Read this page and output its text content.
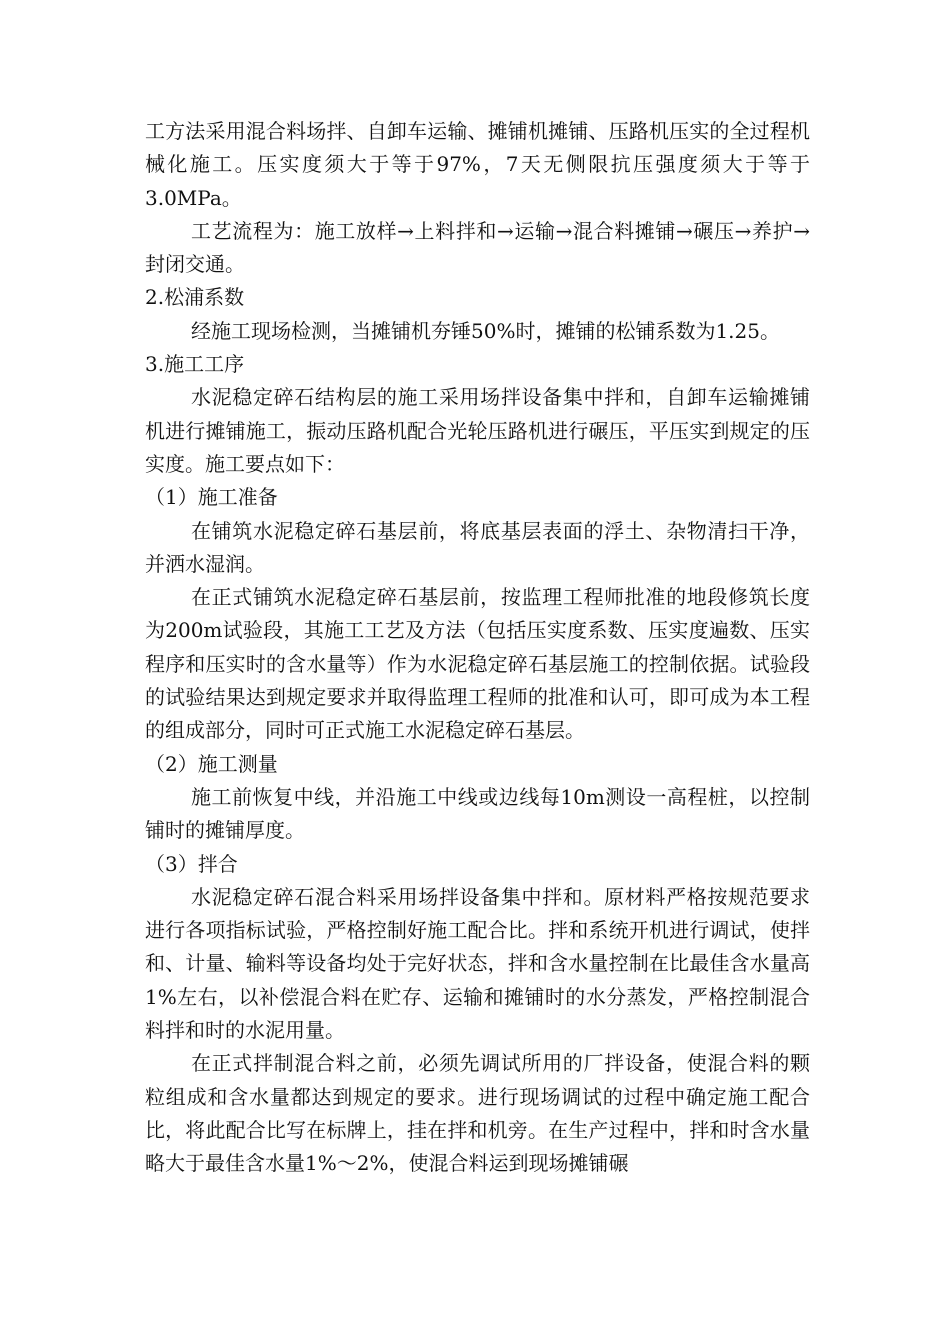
工方法采用混合料场拌、自卸车运输、摊铺机摊铺、压路机压实的全过程机械化施工。压实度须大于等于97%，7天无侧限抗压强度须大于等于3.0MPa。

工艺流程为：施工放样→上料拌和→运输→混合料摊铺→碾压→养护→封闭交通。

2.松浦系数

经施工现场检测，当摊铺机夯锤50%时，摊铺的松铺系数为1.25。

3.施工工序

水泥稳定碎石结构层的施工采用场拌设备集中拌和，自卸车运输摊铺机进行摊铺施工，振动压路机配合光轮压路机进行碾压，平压实到规定的压实度。施工要点如下：

（1）施工准备

在铺筑水泥稳定碎石基层前，将底基层表面的浮土、杂物清扫干净，并洒水湿润。

在正式铺筑水泥稳定碎石基层前，按监理工程师批准的地段修筑长度为200m试验段，其施工工艺及方法（包括压实度系数、压实度遍数、压实程序和压实时的含水量等）作为水泥稳定碎石基层施工的控制依据。试验段的试验结果达到规定要求并取得监理工程师的批准和认可，即可成为本工程的组成部分，同时可正式施工水泥稳定碎石基层。

（2）施工测量

施工前恢复中线，并沿施工中线或边线每10m测设一高程桩，以控制铺时的摊铺厚度。

（3）拌合

水泥稳定碎石混合料采用场拌设备集中拌和。原材料严格按规范要求进行各项指标试验，严格控制好施工配合比。拌和系统开机进行调试，使拌和、计量、输料等设备均处于完好状态，拌和含水量控制在比最佳含水量高1%左右，以补偿混合料在贮存、运输和摊铺时的水分蒸发，严格控制混合料拌和时的水泥用量。

在正式拌制混合料之前，必须先调试所用的厂拌设备，使混合料的颗粒组成和含水量都达到规定的要求。进行现场调试的过程中确定施工配合比，将此配合比写在标牌上，挂在拌和机旁。在生产过程中，拌和时含水量略大于最佳含水量1%～2%，使混合料运到现场摊铺碾
